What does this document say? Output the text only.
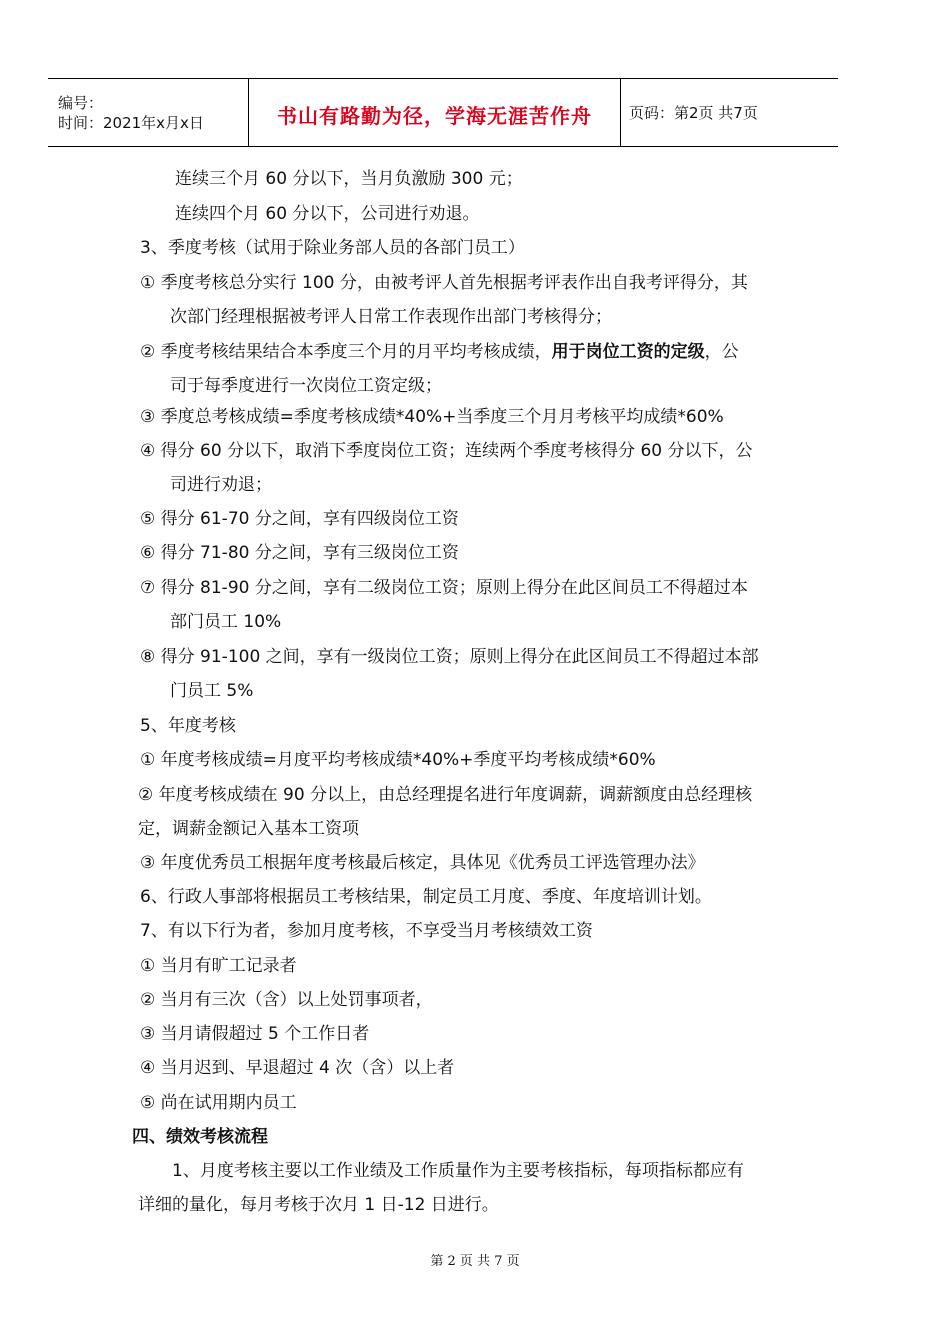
编号：
时间：2021年x月x日	书山有路勤为径，学海无涯苦作舟	页码：第2页 共7页
连续三个月 60 分以下，当月负激励 300 元；
连续四个月 60 分以下，公司进行劝退。
3、季度考核（试用于除业务部人员的各部门员工）
① 季度考核总分实行 100 分，由被考评人首先根据考评表作出自我考评得分，其
次部门经理根据被考评人日常工作表现作出部门考核得分；
② 季度考核结果结合本季度三个月的月平均考核成绩，用于岗位工资的定级，公
司于每季度进行一次岗位工资定级；
③ 季度总考核成绩=季度考核成绩*40%+当季度三个月月考核平均成绩*60%
④ 得分 60 分以下，取消下季度岗位工资；连续两个季度考核得分 60 分以下，公
司进行劝退；
⑤ 得分 61-70 分之间，享有四级岗位工资
⑥ 得分 71-80 分之间，享有三级岗位工资
⑦ 得分 81-90 分之间，享有二级岗位工资；原则上得分在此区间员工不得超过本
部门员工 10%
⑧ 得分 91-100 之间，享有一级岗位工资；原则上得分在此区间员工不得超过本部
门员工 5%
5、年度考核
① 年度考核成绩=月度平均考核成绩*40%+季度平均考核成绩*60%
② 年度考核成绩在 90 分以上，由总经理提名进行年度调薪，调薪额度由总经理核
定，调薪金额记入基本工资项
③ 年度优秀员工根据年度考核最后核定，具体见《优秀员工评选管理办法》
6、行政人事部将根据员工考核结果，制定员工月度、季度、年度培训计划。
7、有以下行为者，参加月度考核，不享受当月考核绩效工资
① 当月有旷工记录者
② 当月有三次（含）以上处罚事项者，
③ 当月请假超过 5 个工作日者
④ 当月迟到、早退超过 4 次（含）以上者
⑤ 尚在试用期内员工
四、绩效考核流程
1、月度考核主要以工作业绩及工作质量作为主要考核指标，每项指标都应有
详细的量化，每月考核于次月 1 日-12 日进行。
第 2 页 共 7 页
